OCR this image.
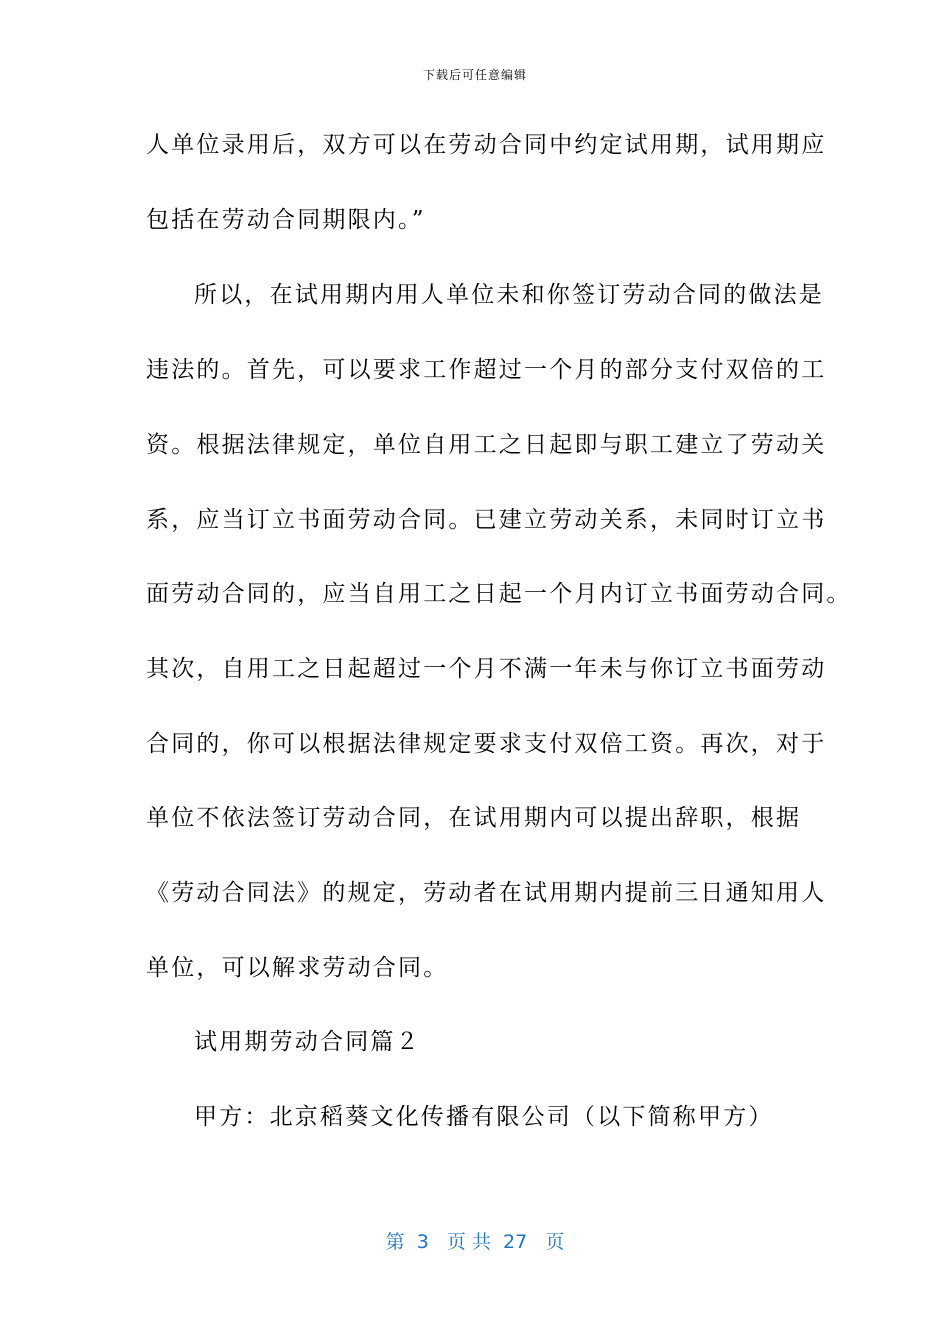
下载后可任意编辑
人单位录用后，双方可以在劳动合同中约定试用期，试用期应
包括在劳动合同期限内。”
所以，在试用期内用人单位未和你签订劳动合同的做法是
违法的。首先，可以要求工作超过一个月的部分支付双倍的工
资。根据法律规定，单位自用工之日起即与职工建立了劳动关
系，应当订立书面劳动合同。已建立劳动关系，未同时订立书
面劳动合同的，应当自用工之日起一个月内订立书面劳动合同。
其次，自用工之日起超过一个月不满一年未与你订立书面劳动
合同的，你可以根据法律规定要求支付双倍工资。再次，对于
单位不依法签订劳动合同，在试用期内可以提出辞职，根据
《劳动合同法》的规定，劳动者在试用期内提前三日通知用人
单位，可以解求劳动合同。
试用期劳动合同篇２
甲方：北京稻葵文化传播有限公司（以下简称甲方）
第  3   页 共  27   页
